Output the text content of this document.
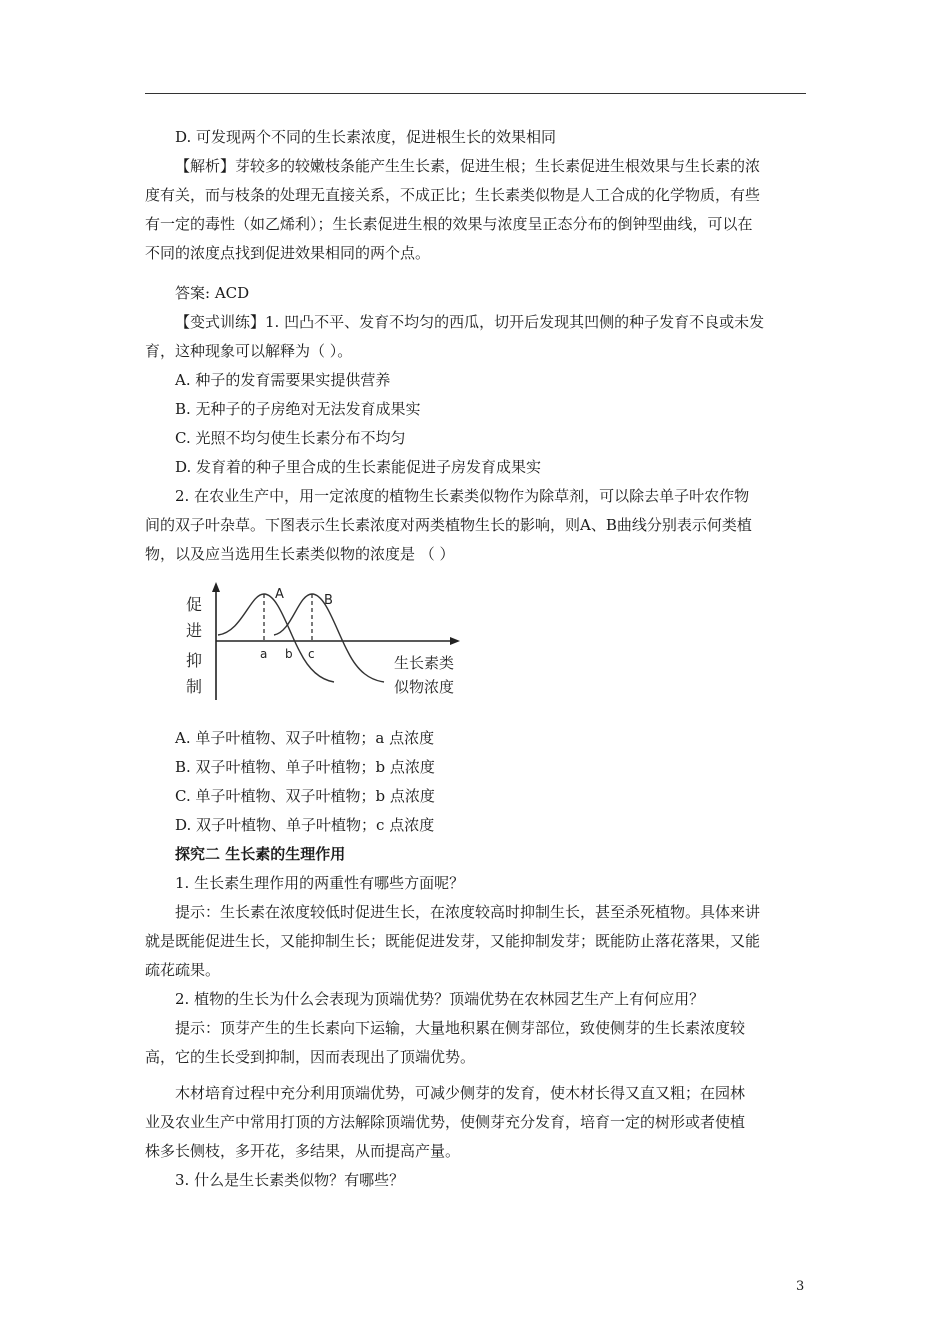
D. 可发现两个不同的生长素浓度，促进根生长的效果相同
【解析】芽较多的较嫩枝条能产生生长素，促进生根；生长素促进生根效果与生长素的浓
度有关，而与枝条的处理无直接关系，不成正比；生长素类似物是人工合成的化学物质，有些
有一定的毒性（如乙烯利）；生长素促进生根的效果与浓度呈正态分布的倒钟型曲线，可以在
不同的浓度点找到促进效果相同的两个点。
答案: ACD
【变式训练】1. 凹凸不平、发育不均匀的西瓜，切开后发现其凹侧的种子发育不良或未发
育，这种现象可以解释为（ ）。
A. 种子的发育需要果实提供营养
B. 无种子的子房绝对无法发育成果实
C. 光照不均匀使生长素分布不均匀
D. 发育着的种子里合成的生长素能促进子房发育成果实
2. 在农业生产中，用一定浓度的植物生长素类似物作为除草剂，可以除去单子叶农作物
间的双子叶杂草。下图表示生长素浓度对两类植物生长的影响，则A、B曲线分别表示何类植
物，以及应当选用生长素类似物的浓度是 （ ）
促
进
抑
制
A	B
a b c	生长素类
似物浓度
A. 单子叶植物、双子叶植物；a 点浓度
B. 双子叶植物、单子叶植物；b 点浓度
C. 单子叶植物、双子叶植物；b 点浓度
D. 双子叶植物、单子叶植物；c 点浓度
探究二 生长素的生理作用
1. 生长素生理作用的两重性有哪些方面呢？
提示：生长素在浓度较低时促进生长，在浓度较高时抑制生长，甚至杀死植物。具体来讲
就是既能促进生长，又能抑制生长；既能促进发芽，又能抑制发芽；既能防止落花落果，又能
疏花疏果。
2. 植物的生长为什么会表现为顶端优势？顶端优势在农林园艺生产上有何应用？
提示：顶芽产生的生长素向下运输，大量地积累在侧芽部位，致使侧芽的生长素浓度较
高，它的生长受到抑制，因而表现出了顶端优势。
木材培育过程中充分利用顶端优势，可减少侧芽的发育，使木材长得又直又粗；在园林
业及农业生产中常用打顶的方法解除顶端优势，使侧芽充分发育，培育一定的树形或者使植
株多长侧枝，多开花，多结果，从而提高产量。
3. 什么是生长素类似物？有哪些？
3
